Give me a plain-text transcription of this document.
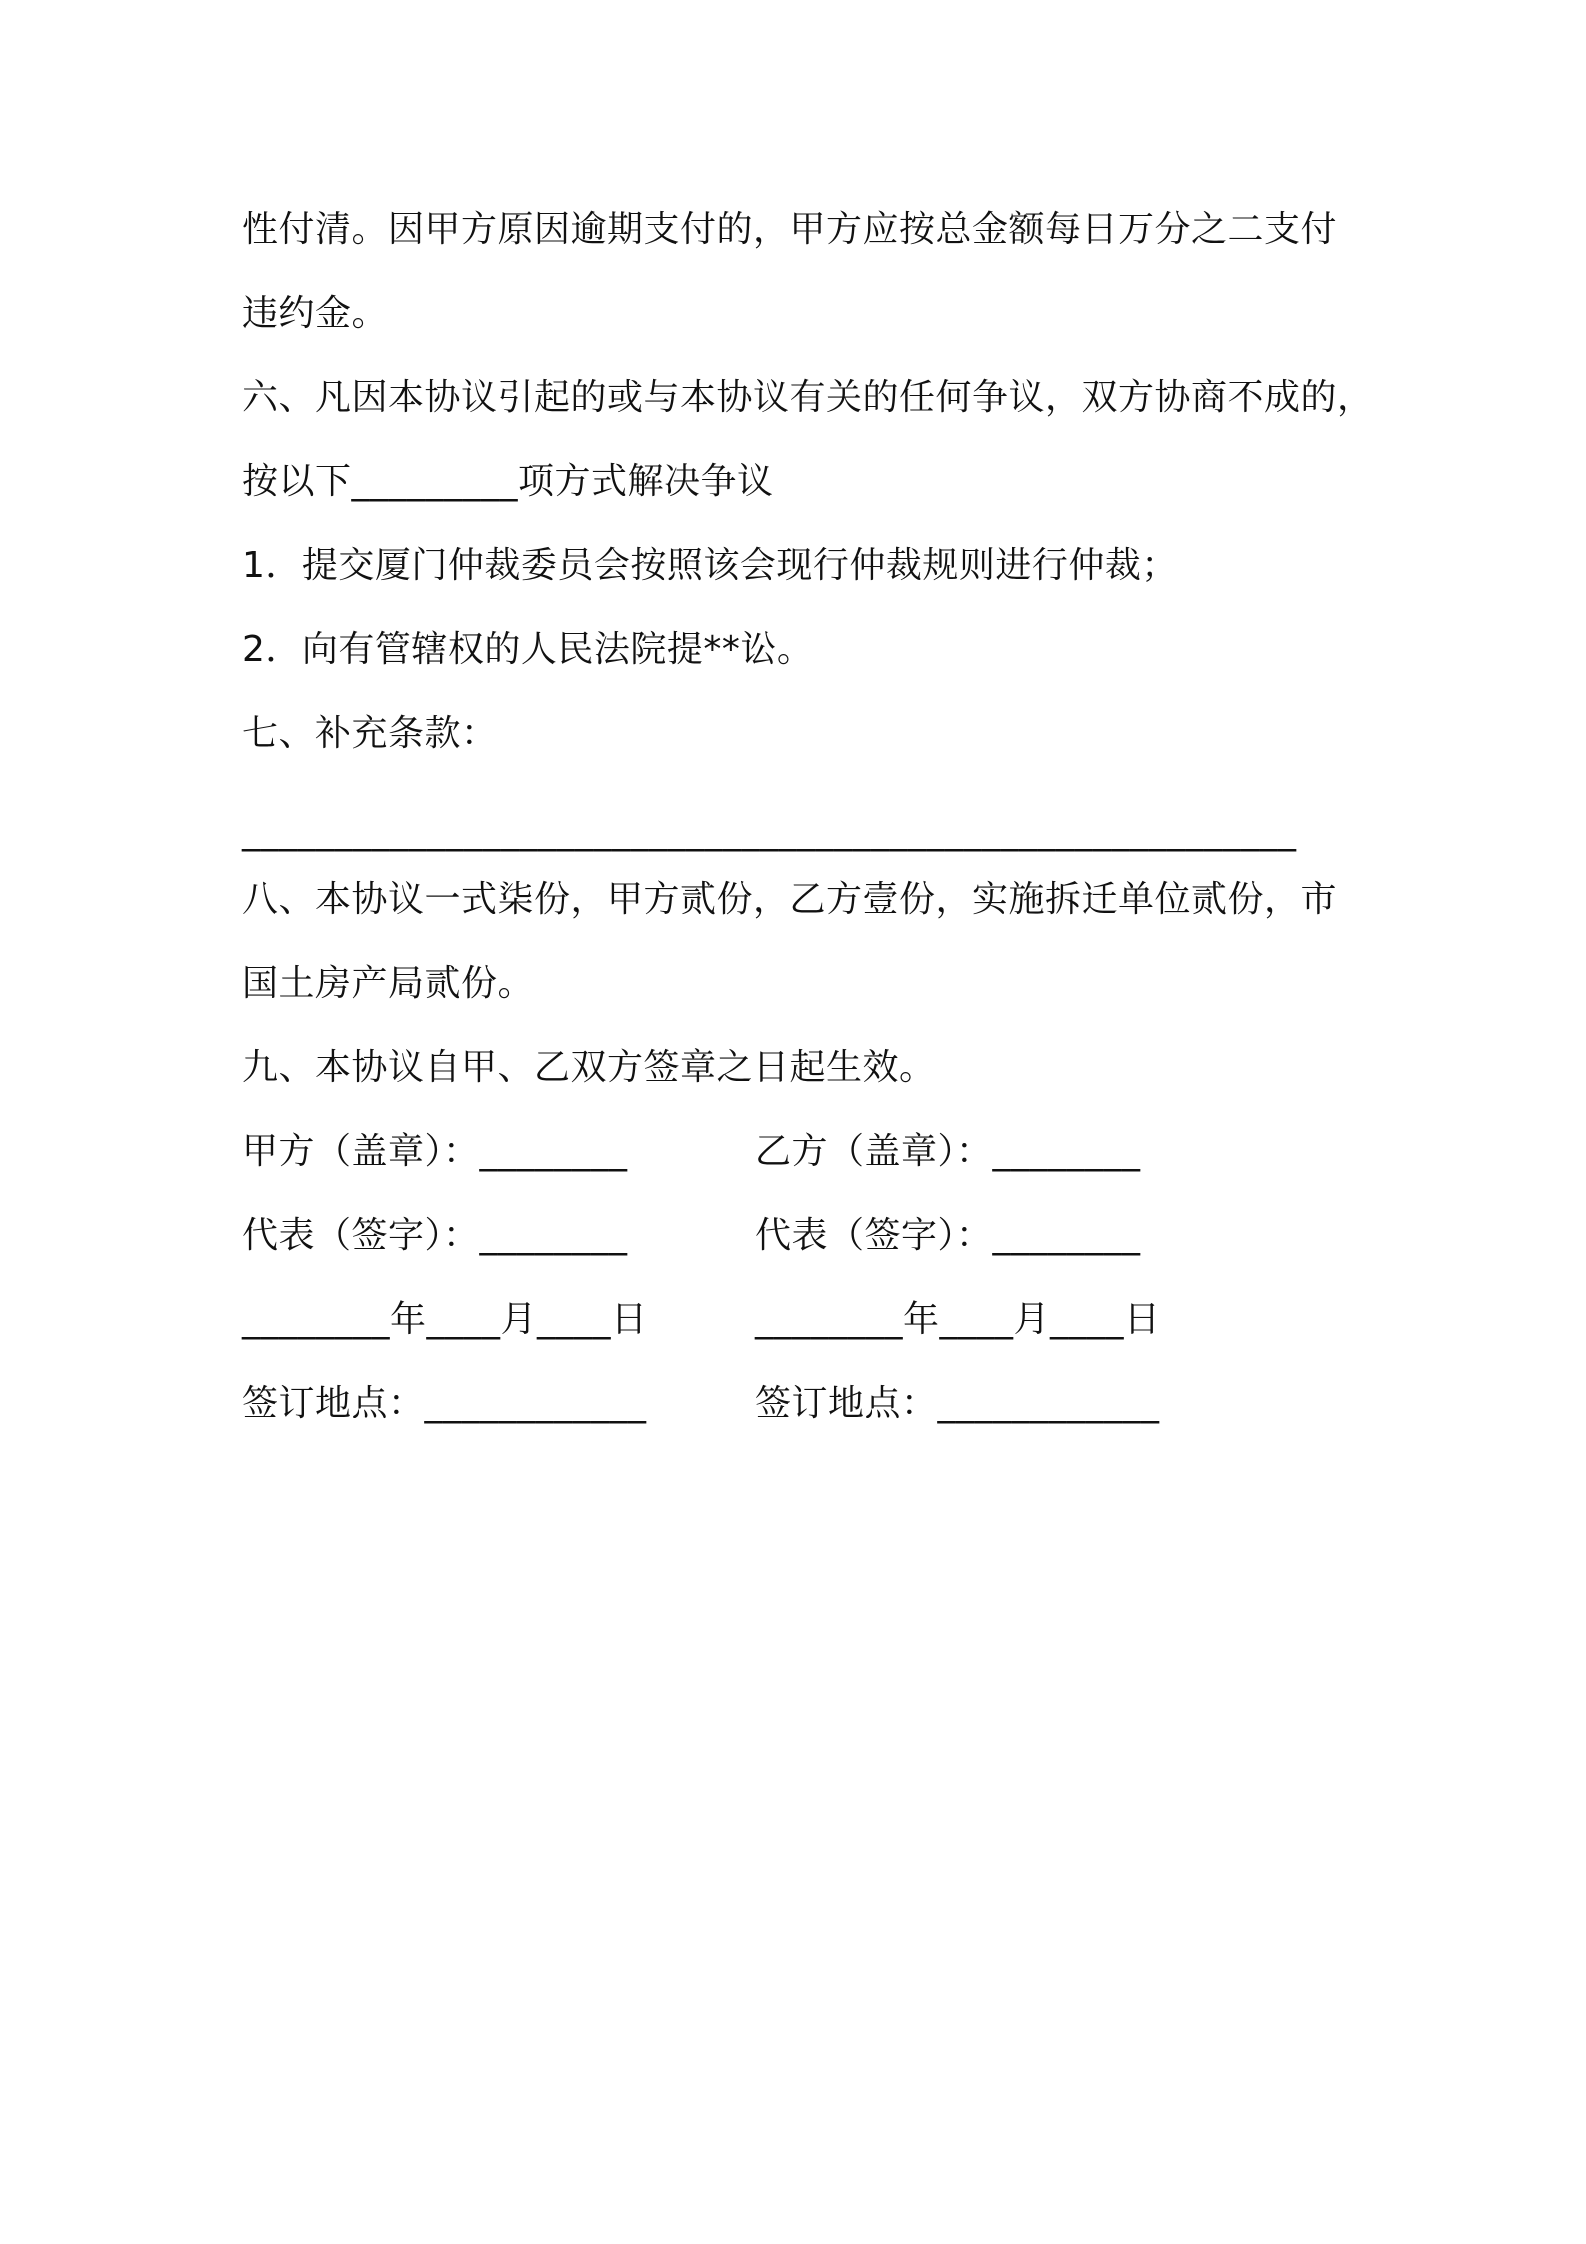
性付清。因甲方原因逾期支付的，甲方应按总金额每日万分之二支付
违约金。
六、凡因本协议引起的或与本协议有关的任何争议，双方协商不成的，
按以下_________项方式解决争议
1．提交厦门仲裁委员会按照该会现行仲裁规则进行仲裁；
2．向有管辖权的人民法院提**讼。
七、补充条款：
_________________________________________________________
八、本协议一式柒份，甲方贰份，乙方壹份，实施拆迁单位贰份，市
国土房产局贰份。
九、本协议自甲、乙双方签章之日起生效。
甲方（盖章）：________	乙方（盖章）：________
代表（签字）：________	代表（签字）：________
________年____月____日	________年____月____日
签订地点：____________	签订地点：____________
